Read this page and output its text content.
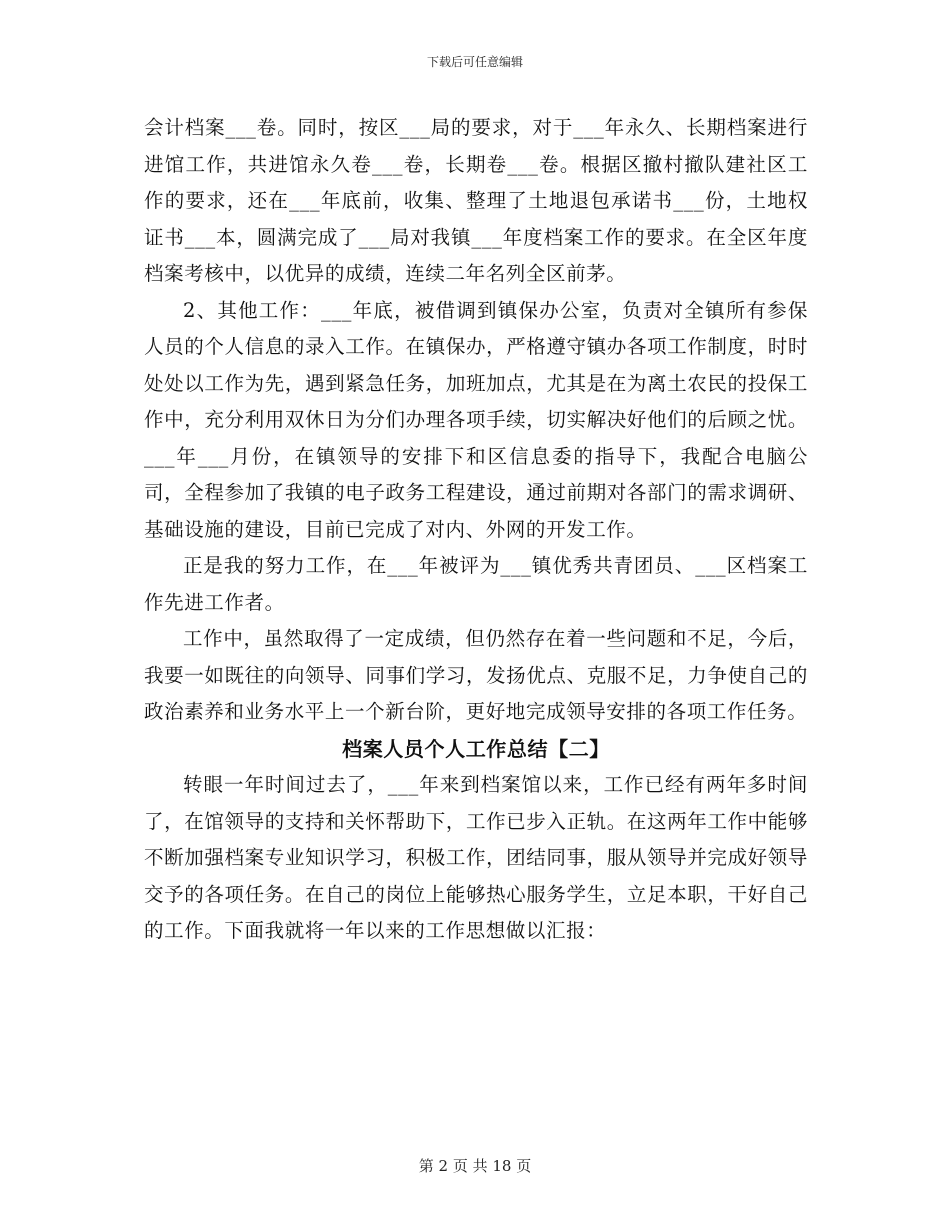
下载后可任意编辑

会计档案___卷。同时，按区___局的要求，对于___年永久、长期档案进行进馆工作，共进馆永久卷___卷，长期卷___卷。根据区撤村撤队建社区工作的要求，还在___年底前，收集、整理了土地退包承诺书___份，土地权证书___本，圆满完成了___局对我镇___年度档案工作的要求。在全区年度档案考核中，以优异的成绩，连续二年名列全区前茅。

2、其他工作：___年底，被借调到镇保办公室，负责对全镇所有参保人员的个人信息的录入工作。在镇保办，严格遵守镇办各项工作制度，时时处处以工作为先，遇到紧急任务，加班加点，尤其是在为离土农民的投保工作中，充分利用双休日为分们办理各项手续，切实解决好他们的后顾之忧。___年___月份，在镇领导的安排下和区信息委的指导下，我配合电脑公司，全程参加了我镇的电子政务工程建设，通过前期对各部门的需求调研、基础设施的建设，目前已完成了对内、外网的开发工作。

正是我的努力工作，在___年被评为___镇优秀共青团员、___区档案工作先进工作者。

工作中，虽然取得了一定成绩，但仍然存在着一些问题和不足，今后，我要一如既往的向领导、同事们学习，发扬优点、克服不足，力争使自己的政治素养和业务水平上一个新台阶，更好地完成领导安排的各项工作任务。

档案人员个人工作总结【二】

转眼一年时间过去了，___年来到档案馆以来，工作已经有两年多时间了，在馆领导的支持和关怀帮助下，工作已步入正轨。在这两年工作中能够不断加强档案专业知识学习，积极工作，团结同事，服从领导并完成好领导交予的各项任务。在自己的岗位上能够热心服务学生，立足本职，干好自己的工作。下面我就将一年以来的工作思想做以汇报：

第 2 页 共 18 页
